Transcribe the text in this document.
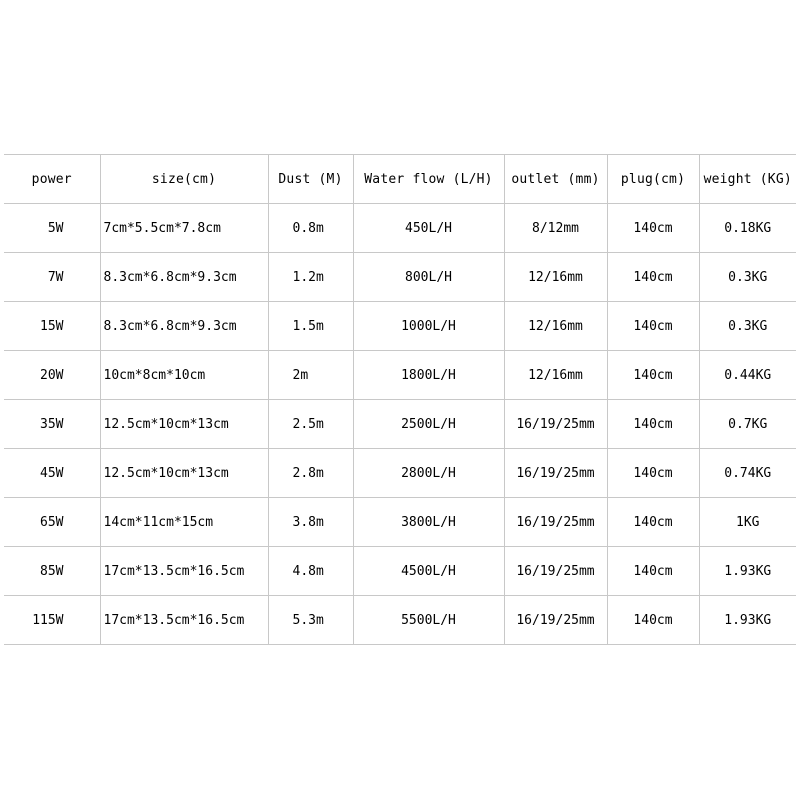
power	size(cm)	Dust (M)	Water flow (L/H)	outlet (mm)	plug(cm)	weight (KG)
5W	7cm*5.5cm*7.8cm	0.8m	450L/H	8/12mm	140cm	0.18KG
7W	8.3cm*6.8cm*9.3cm	1.2m	800L/H	12/16mm	140cm	0.3KG
15W	8.3cm*6.8cm*9.3cm	1.5m	1000L/H	12/16mm	140cm	0.3KG
20W	10cm*8cm*10cm	2m	1800L/H	12/16mm	140cm	0.44KG
35W	12.5cm*10cm*13cm	2.5m	2500L/H	16/19/25mm	140cm	0.7KG
45W	12.5cm*10cm*13cm	2.8m	2800L/H	16/19/25mm	140cm	0.74KG
65W	14cm*11cm*15cm	3.8m	3800L/H	16/19/25mm	140cm	1KG
85W	17cm*13.5cm*16.5cm	4.8m	4500L/H	16/19/25mm	140cm	1.93KG
115W	17cm*13.5cm*16.5cm	5.3m	5500L/H	16/19/25mm	140cm	1.93KG
